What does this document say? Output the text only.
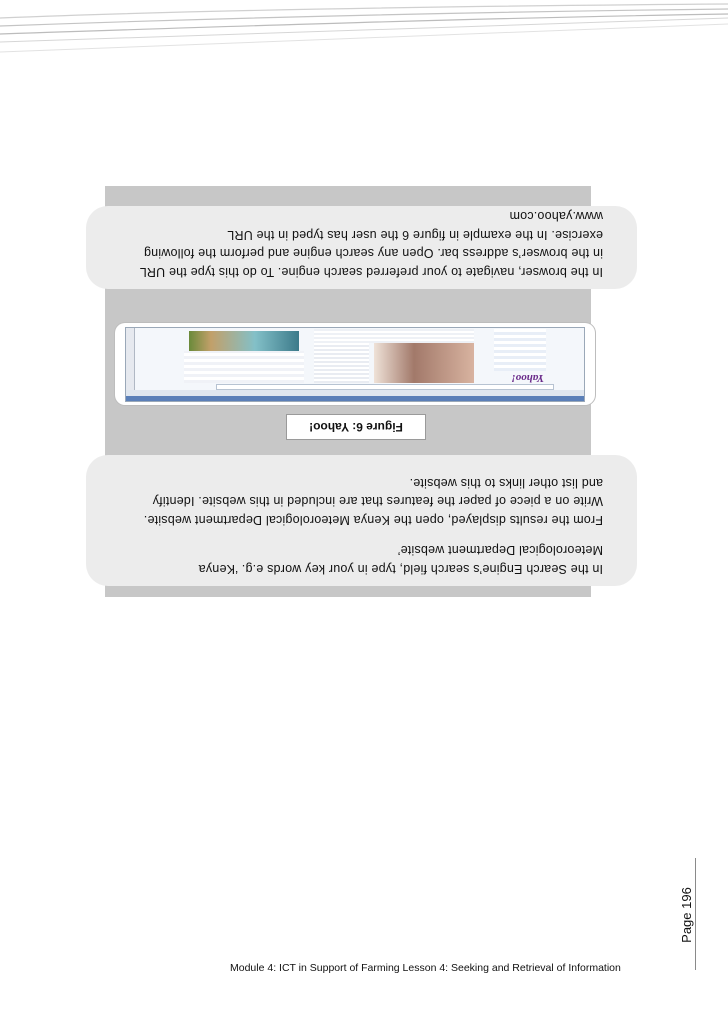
In the browser, navigate to your preferred search engine. To do this type the URL

in the browser’s address bar. Open any search engine and perform the following

exercise. In the example in figure 6 the user has typed in the URL

www.yahoo.com

Yahoo!
Figure 6: Yahoo!

In the Search Engine’s search field, type in your key words e.g. ‘Kenya

Meteorological Department website’

From the results displayed, open the Kenya Meteorological Department website.

Write on a piece of paper the features that are included in this website. Identify

and list other links to this website.

Page 196
Module 4: ICT in Support of Farming Lesson 4: Seeking and Retrieval of Information
